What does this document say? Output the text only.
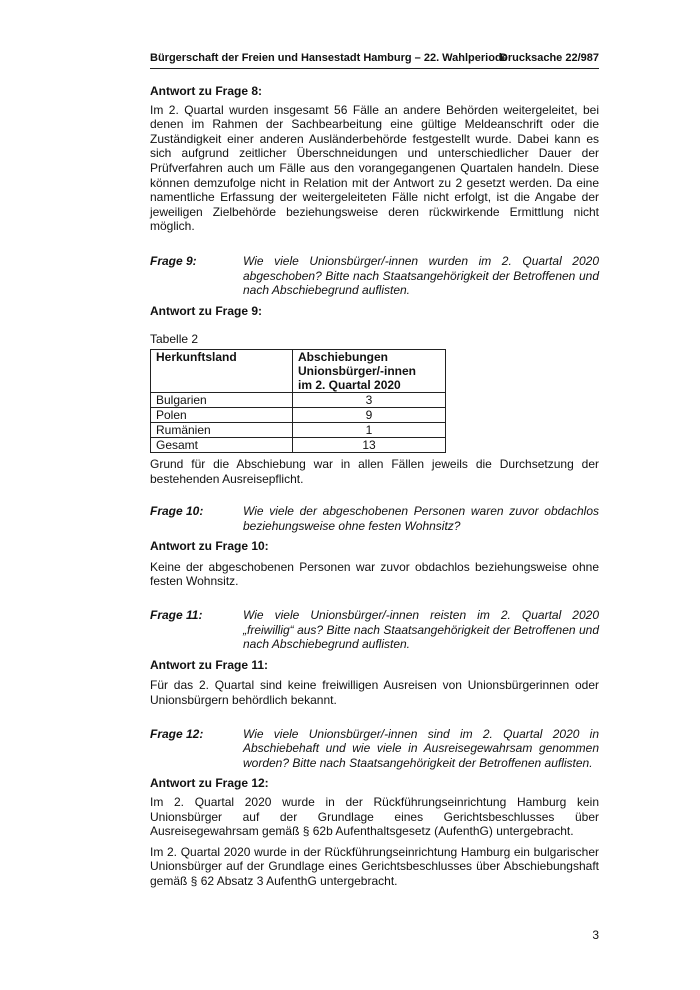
Bürgerschaft der Freien und Hansestadt Hamburg – 22. Wahlperiode
Drucksache 22/987
Antwort zu Frage 8:

Im 2. Quartal wurden insgesamt 56 Fälle an andere Behörden weitergeleitet, bei denen im Rahmen der Sachbearbeitung eine gültige Meldeanschrift oder die Zuständigkeit einer anderen Ausländerbehörde festgestellt wurde. Dabei kann es sich aufgrund zeitlicher Überschneidungen und unterschiedlicher Dauer der Prüfverfahren auch um Fälle aus den vorangegangenen Quartalen handeln. Diese können demzufolge nicht in Relation mit der Antwort zu 2 gesetzt werden. Da eine namentliche Erfassung der weitergeleiteten Fälle nicht erfolgt, ist die Angabe der jeweiligen Zielbehörde beziehungsweise deren rückwirkende Ermittlung nicht möglich.

Frage 9:	Wie viele Unionsbürger/-innen wurden im 2. Quartal 2020 abgeschoben? Bitte nach Staatsangehörigkeit der Betroffenen und nach Abschiebegrund auflisten.
Antwort zu Frage 9:

Tabelle 2

Herkunftsland	Abschiebungen
Unionsbürger/-innen
im 2. Quartal 2020

Bulgarien	3
Polen	9
Rumänien	1
Gesamt	13

Grund für die Abschiebung war in allen Fällen jeweils die Durchsetzung der bestehenden Ausreisepflicht.

Frage 10:	Wie viele der abgeschobenen Personen waren zuvor obdachlos beziehungsweise ohne festen Wohnsitz?
Antwort zu Frage 10:

Keine der abgeschobenen Personen war zuvor obdachlos beziehungsweise ohne festen Wohnsitz.

Frage 11:	Wie viele Unionsbürger/-innen reisten im 2. Quartal 2020 „freiwillig“ aus? Bitte nach Staatsangehörigkeit der Betroffenen und nach Abschiebegrund auflisten.
Antwort zu Frage 11:

Für das 2. Quartal sind keine freiwilligen Ausreisen von Unionsbürgerinnen oder Unionsbürgern behördlich bekannt.

Frage 12:	Wie viele Unionsbürger/-innen sind im 2. Quartal 2020 in Abschiebehaft und wie viele in Ausreisegewahrsam genommen worden? Bitte nach Staatsangehörigkeit der Betroffenen auflisten.
Antwort zu Frage 12:

Im 2. Quartal 2020 wurde in der Rückführungseinrichtung Hamburg kein Unionsbürger auf der Grundlage eines Gerichtsbeschlusses über Ausreisegewahrsam gemäß § 62b Aufenthaltsgesetz (AufenthG) untergebracht.

Im 2. Quartal 2020 wurde in der Rückführungseinrichtung Hamburg ein bulgarischer Unionsbürger auf der Grundlage eines Gerichtsbeschlusses über Abschiebungshaft gemäß § 62 Absatz 3 AufenthG untergebracht.

3
